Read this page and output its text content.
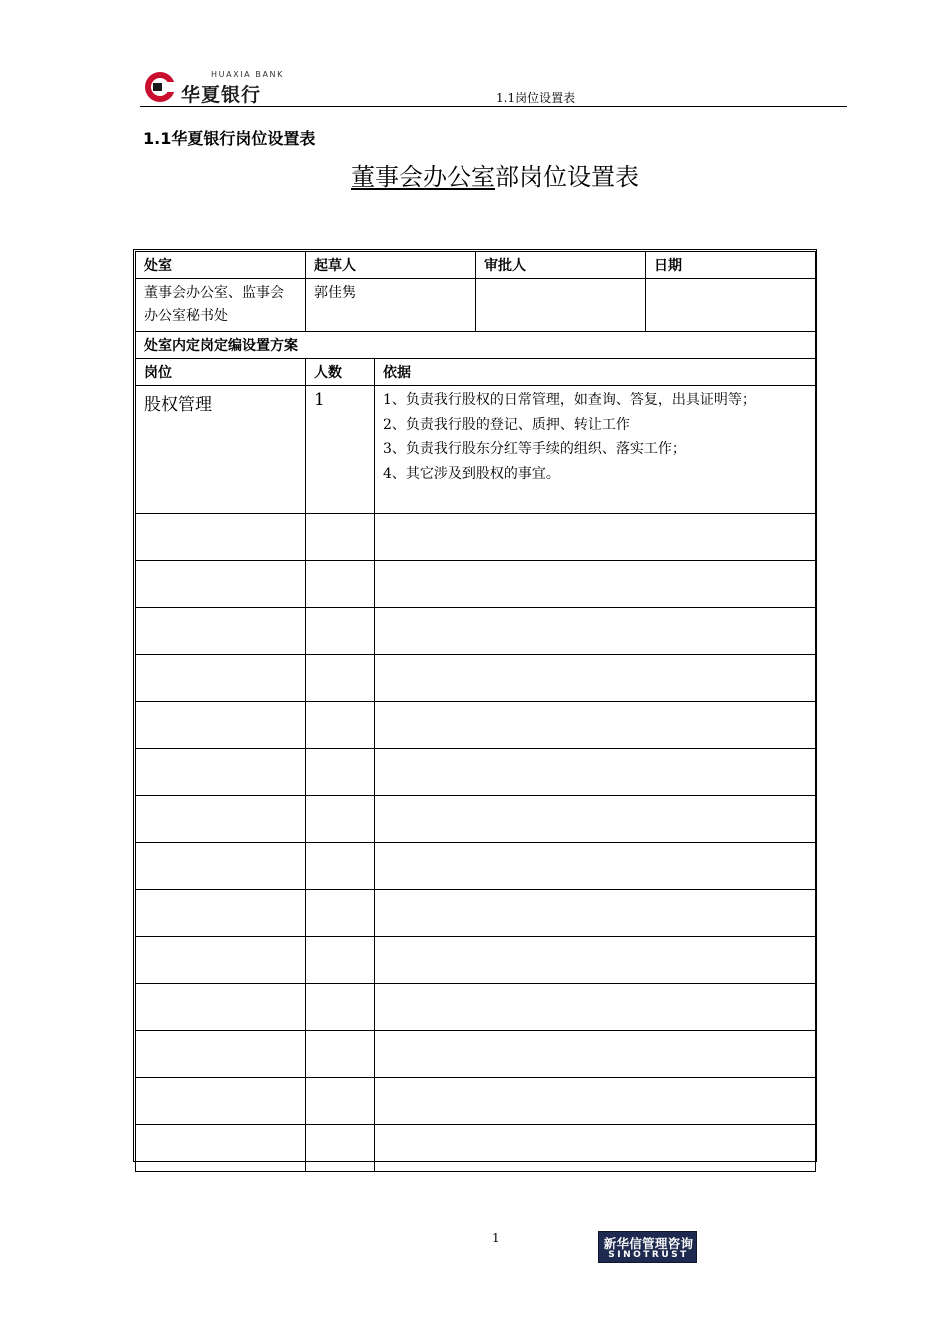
HUAXIA BANK
华夏银行	1.1岗位设置表
1.1华夏银行岗位设置表
董事会办公室部岗位设置表
处室	起草人	审批人	日期
董事会办公室、监事会办公室秘书处	郭佳隽		
处室内定岗定编设置方案		
岗位	人数	依据
股权管理	1	1、负责我行股权的日常管理，如查询、答复，出具证明等；
2、负责我行股的登记、质押、转让工作
3、负责我行股东分红等手续的组织、落实工作；
4、其它涉及到股权的事宜。

1	新华信管理咨询
SINOTRUST
